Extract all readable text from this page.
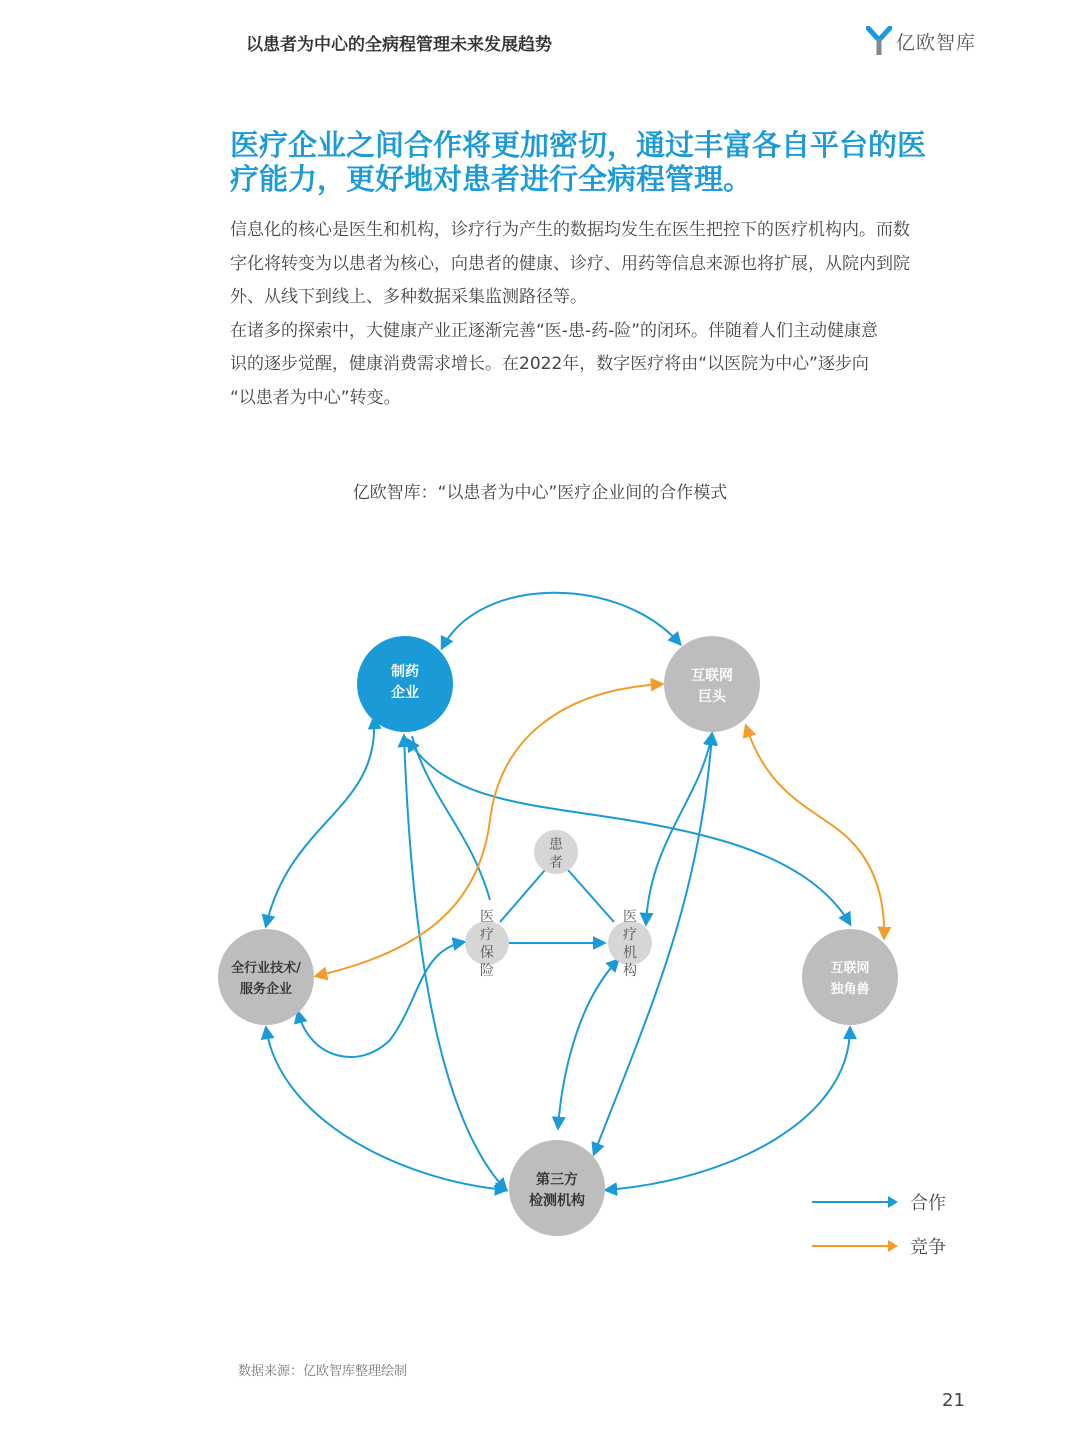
以患者为中心的全病程管理未来发展趋势	亿欧智库
医疗企业之间合作将更加密切，通过丰富各自平台的医
疗能力，更好地对患者进行全病程管理。

信息化的核心是医生和机构，诊疗行为产生的数据均发生在医生把控下的医疗机构内。而数

字化将转变为以患者为核心，向患者的健康、诊疗、用药等信息来源也将扩展，从院内到院

外、从线下到线上、多种数据采集监测路径等。

在诸多的探索中，大健康产业正逐渐完善“医-患-药-险”的闭环。伴随着人们主动健康意

识的逐步觉醒，健康消费需求增长。在2022年，数字医疗将由“以医院为中心”逐步向

“以患者为中心”转变。

亿欧智库：“以患者为中心”医疗企业间的合作模式
制药
企业
互联网
巨头
全行业技术/
服务企业
互联网
独角兽
第三方
检测机构
患
者
医
疗
保
险
医
疗
机
构
合作
竞争
数据来源：亿欧智库整理绘制
21
